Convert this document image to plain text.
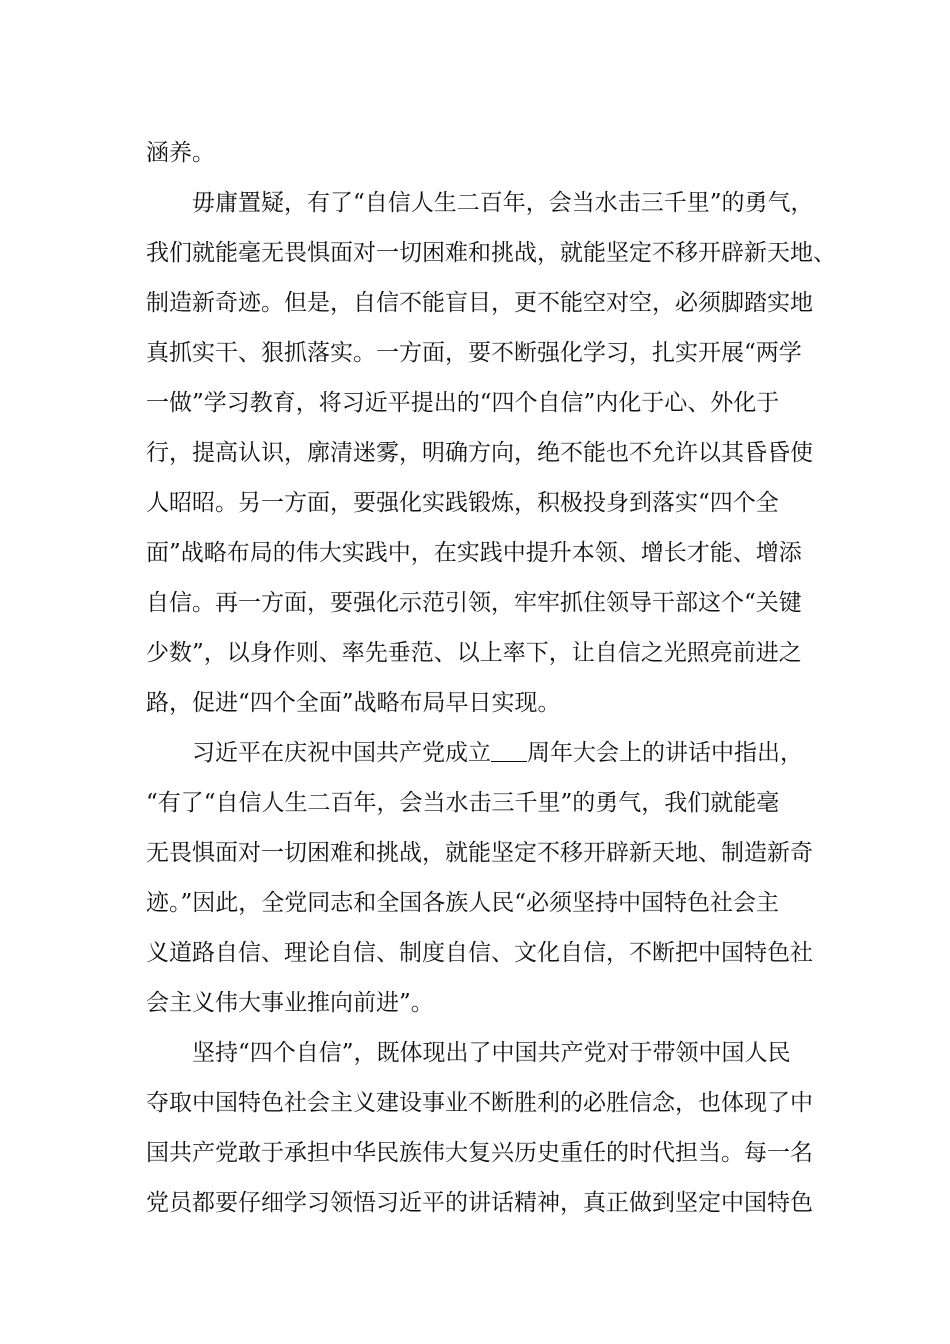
涵养。
　　毋庸置疑，有了“自信人生二百年，会当水击三千里”的勇气，
我们就能毫无畏惧面对一切困难和挑战，就能坚定不移开辟新天地、
制造新奇迹。但是，自信不能盲目，更不能空对空，必须脚踏实地
真抓实干、狠抓落实。一方面，要不断强化学习，扎实开展“两学
一做”学习教育，将习近平提出的“四个自信”内化于心、外化于
行，提高认识，廓清迷雾，明确方向，绝不能也不允许以其昏昏使
人昭昭。另一方面，要强化实践锻炼，积极投身到落实“四个全
面”战略布局的伟大实践中，在实践中提升本领、增长才能、增添
自信。再一方面，要强化示范引领，牢牢抓住领导干部这个“关键
少数”，以身作则、率先垂范、以上率下，让自信之光照亮前进之
路，促进“四个全面”战略布局早日实现。
　　习近平在庆祝中国共产党成立 周年大会上的讲话中指出，
“有了“自信人生二百年，会当水击三千里”的勇气，我们就能毫
无畏惧面对一切困难和挑战，就能坚定不移开辟新天地、制造新奇
迹。”因此，全党同志和全国各族人民“必须坚持中国特色社会主
义道路自信、理论自信、制度自信、文化自信，不断把中国特色社
会主义伟大事业推向前进”。
　　坚持“四个自信”，既体现出了中国共产党对于带领中国人民
夺取中国特色社会主义建设事业不断胜利的必胜信念，也体现了中
国共产党敢于承担中华民族伟大复兴历史重任的时代担当。每一名
党员都要仔细学习领悟习近平的讲话精神，真正做到坚定中国特色
